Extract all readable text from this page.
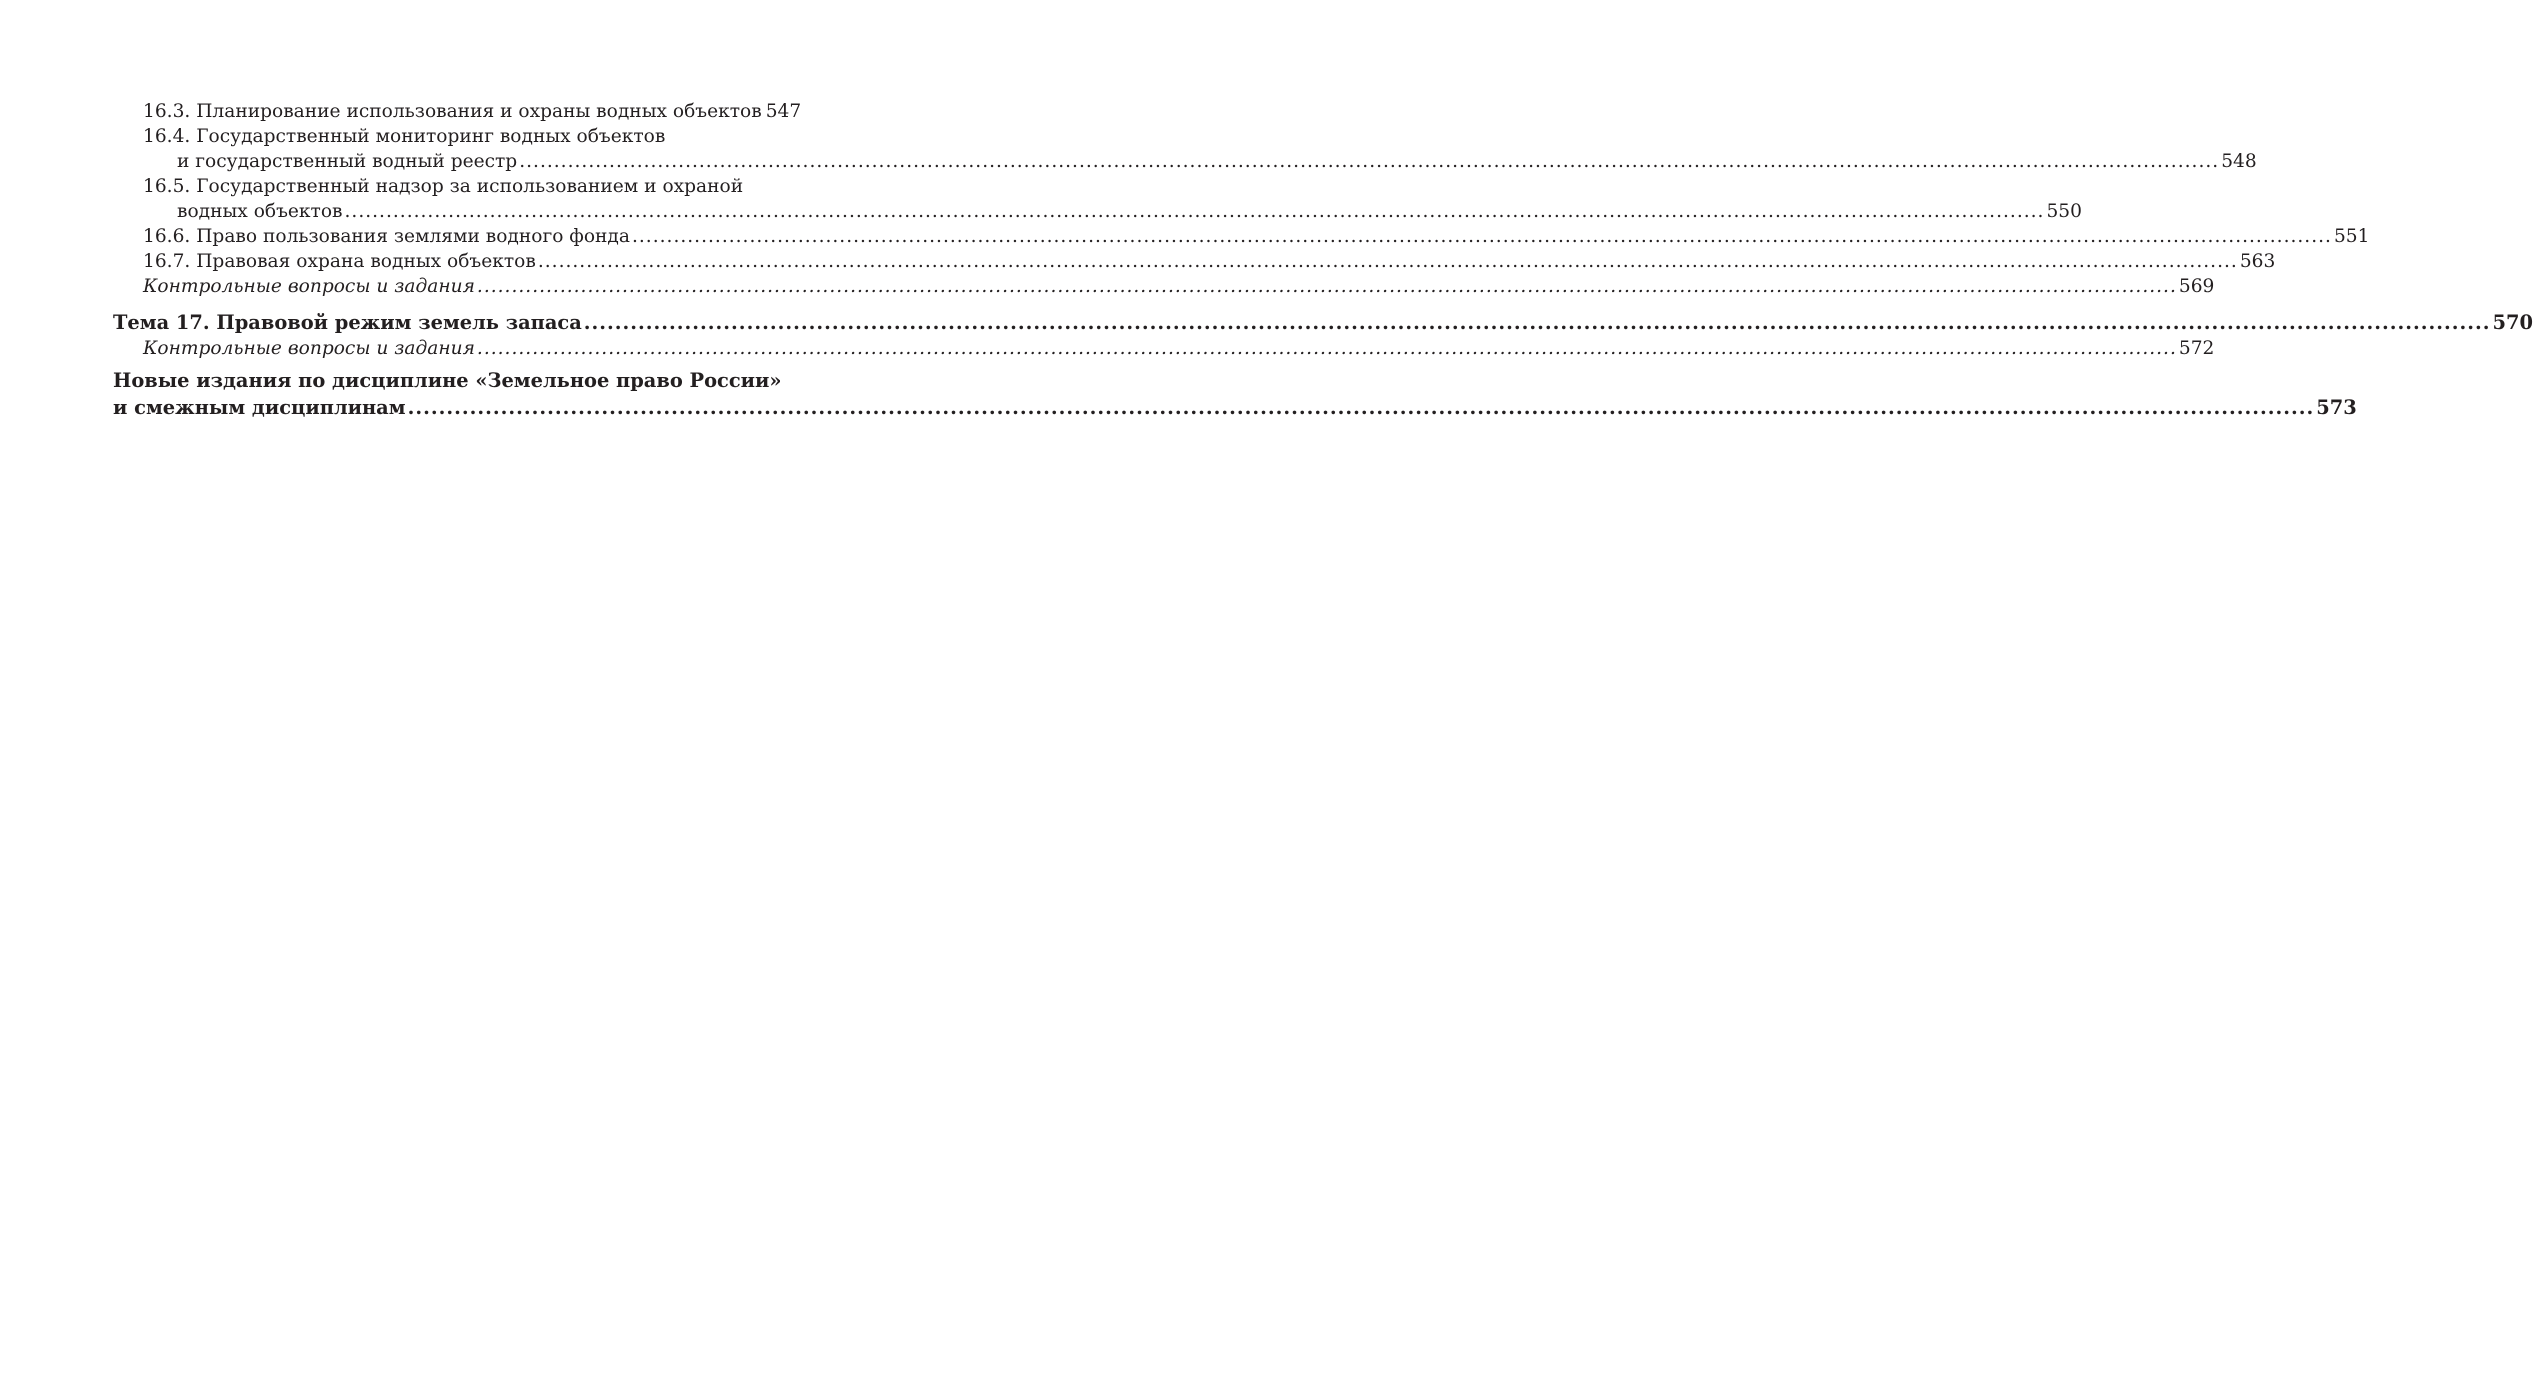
16.3. Планирование использования и охраны водных объектов 547
16.4. Государственный мониторинг водных объектов
и государственный водный реестр .....	548
16.5. Государственный надзор за использованием и охраной
водных объектов .....	550
16.6. Право пользования землями водного фонда .....	551
16.7. Правовая охрана водных объектов .....	563
Контрольные вопросы и задания .....	569
Тема 17. Правовой режим земель запаса .....	570
Контрольные вопросы и задания .....	572
Новые издания по дисциплине «Земельное право России»
и смежным дисциплинам .....	573
